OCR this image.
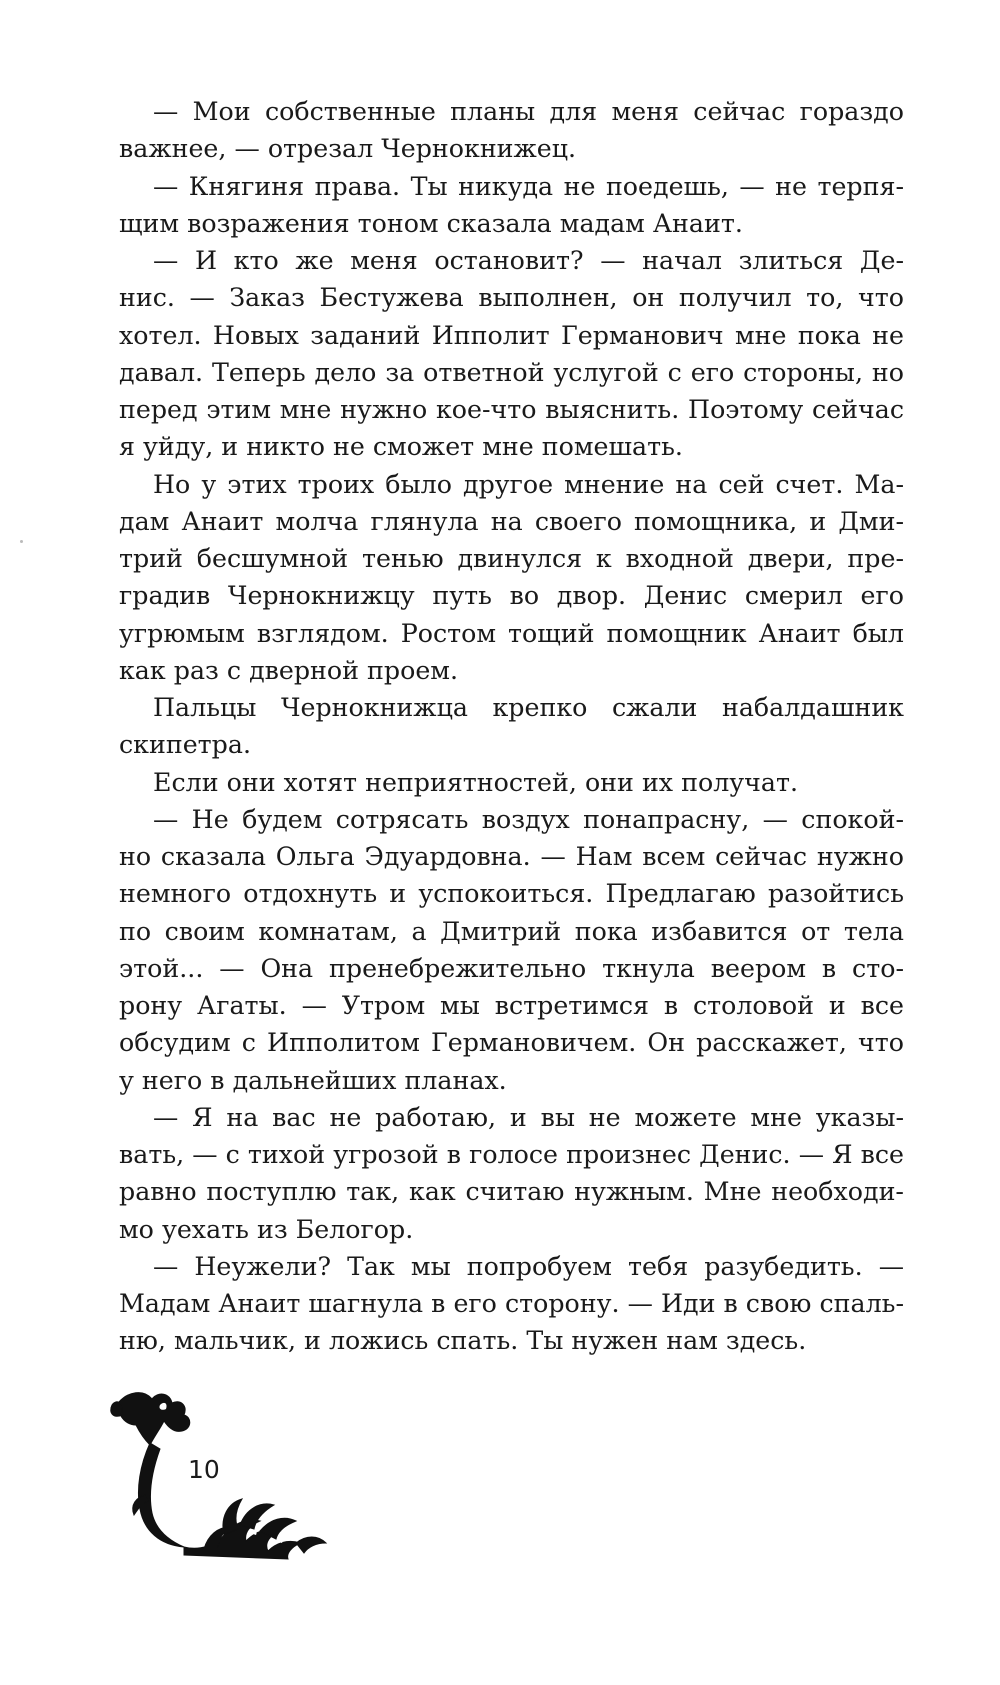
— Мои собственные планы для меня сейчас гораздо
важнее, — отрезал Чернокнижец.
— Княгиня права. Ты никуда не поедешь, — не терпя-
щим возражения тоном сказала мадам Анаит.
— И кто же меня остановит? — начал злиться Де-
нис. — Заказ Бестужева выполнен, он получил то, что
хотел. Новых заданий Ипполит Германович мне пока не
давал. Теперь дело за ответной услугой с его стороны, но
перед этим мне нужно кое-что выяснить. Поэтому сейчас
я уйду, и никто не сможет мне помешать.
Но у этих троих было другое мнение на сей счет. Ма-
дам Анаит молча глянула на своего помощника, и Дми-
трий бесшумной тенью двинулся к входной двери, пре-
градив Чернокнижцу путь во двор. Денис смерил его
угрюмым взглядом. Ростом тощий помощник Анаит был
как раз с дверной проем.
Пальцы Чернокнижца крепко сжали набалдашник
скипетра.
Если они хотят неприятностей, они их получат.
— Не будем сотрясать воздух понапрасну, — спокой-
но сказала Ольга Эдуардовна. — Нам всем сейчас нужно
немного отдохнуть и успокоиться. Предлагаю разойтись
по своим комнатам, а Дмитрий пока избавится от тела
этой... — Она пренебрежительно ткнула веером в сто-
рону Агаты. — Утром мы встретимся в столовой и все
обсудим с Ипполитом Германовичем. Он расскажет, что
у него в дальнейших планах.
— Я на вас не работаю, и вы не можете мне указы-
вать, — с тихой угрозой в голосе произнес Денис. — Я все
равно поступлю так, как считаю нужным. Мне необходи-
мо уехать из Белогор.
— Неужели? Так мы попробуем тебя разубедить. —
Мадам Анаит шагнула в его сторону. — Иди в свою спаль-
ню, мальчик, и ложись спать. Ты нужен нам здесь.
10
